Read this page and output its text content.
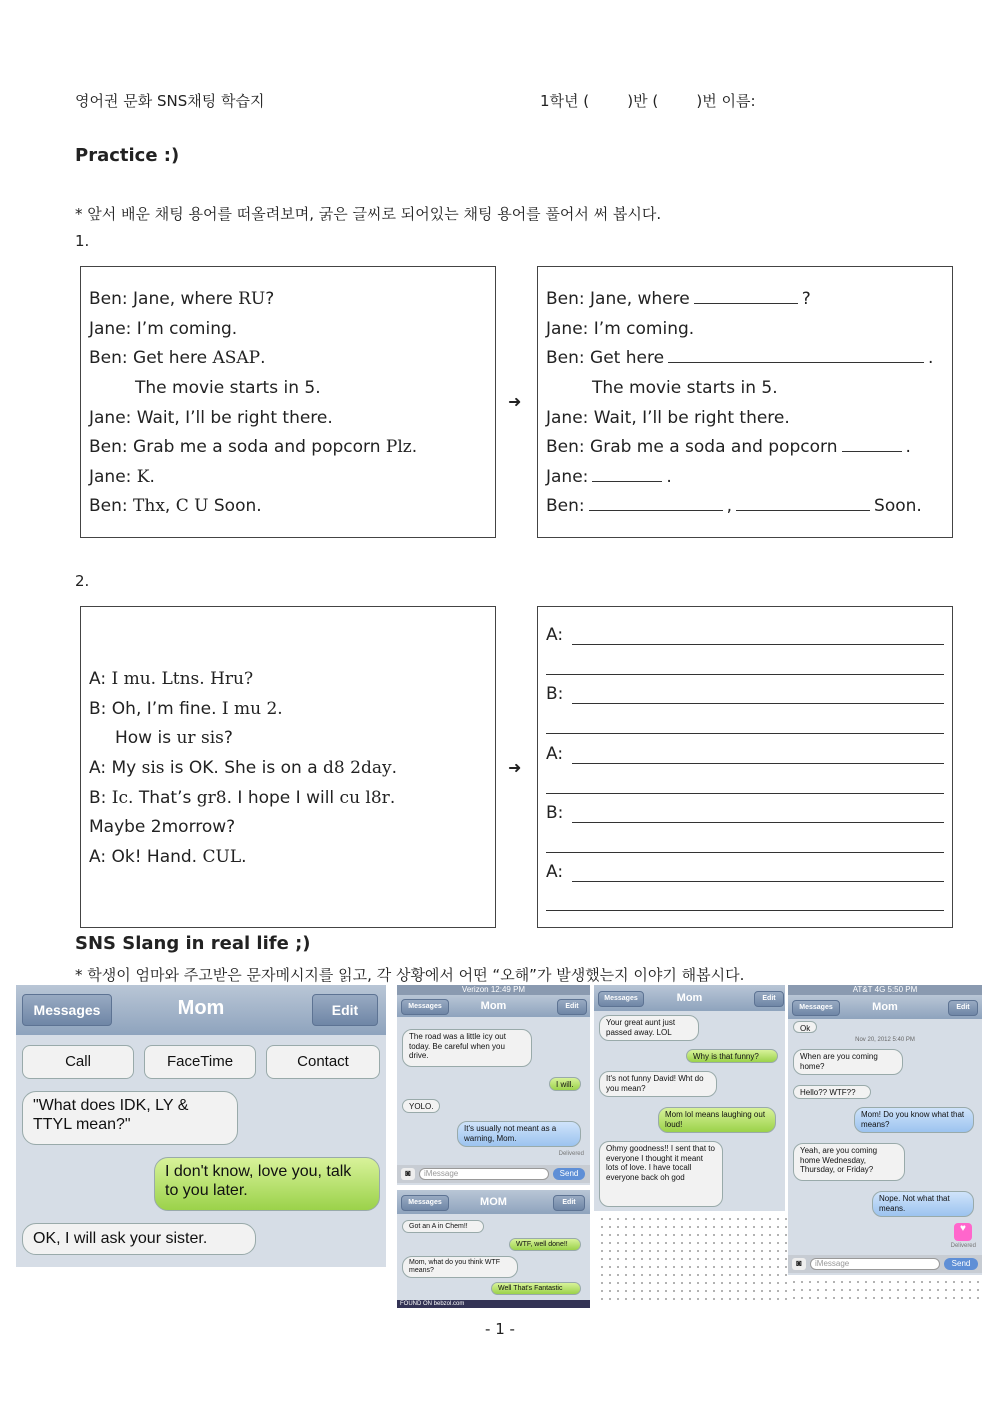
영어권 문화 SNS채팅 학습지	1학년 (        )반 (        )번 이름:
Practice :)
* 앞서 배운 채팅 용어를 떠올려보며, 굵은 글씨로 되어있는 채팅 용어를 풀어서 써 봅시다.
1.
Ben: Jane, where RU?
Jane: I’m coming.
Ben: Get here ASAP.
The movie starts in 5.
Jane: Wait, I’ll be right there.
Ben: Grab me a soda and popcorn Plz.
Jane: K.
Ben: Thx, C U Soon.
➜
Ben: Jane, where	?
Jane: I’m coming.
Ben: Get here	.
The movie starts in 5.
Jane: Wait, I’ll be right there.
Ben: Grab me a soda and popcorn	.
Jane:	.
Ben:	,	Soon.
2.
A: I mu. Ltns. Hru?
B: Oh, I’m fine. I mu 2.
How is ur sis?
A: My sis is OK. She is on a d8 2day.
B: Ic. That’s gr8. I hope I will cu l8r.
Maybe 2morrow?
A: Ok! Hand. CUL.
➜
A:
B:
A:
B:
A:
SNS Slang in real life ;)
* 학생이 엄마와 주고받은 문자메시지를 읽고, 각 상황에서 어떤 “오해”가 발생했는지 이야기 해봅시다.
Mom
Messages	Edit
Call	FaceTime	Contact
"What does IDK, LY & TTYL mean?"
I don't know, love you, talk to you later.
OK, I will ask your sister.
Verizon 12:49 PM
Mom
Messages	Edit
The road was a little icy out today. Be careful when you drive.
I will.
YOLO.
It's usually not meant as a warning, Mom.
Delivered
◙	iMessage	Send
MOM
Messages	Edit
Got an A in Chem!!
WTF, well done!!
Mom, what do you think WTF means?
Well That's Fantastic
FOUND ON bebzol.com
Mom
Messages	Edit
Your great aunt just passed away. LOL
Why is that funny?
It's not funny David! Wht do you mean?
Mom lol means laughing out loud!
Ohmy goodness!! I sent that to everyone I thought it meant lots of love. I have tocall everyone back oh god
AT&T 4G 5:50 PM
Mom
Messages	Edit
Ok
Nov 20, 2012 5:40 PM
When are you coming home?
Hello?? WTF??
Mom! Do you know what that means?
Yeah, are you coming home Wednesday, Thursday, or Friday?
Nope. Not what that means.
♥
Delivered
◙	iMessage	Send
- 1 -
